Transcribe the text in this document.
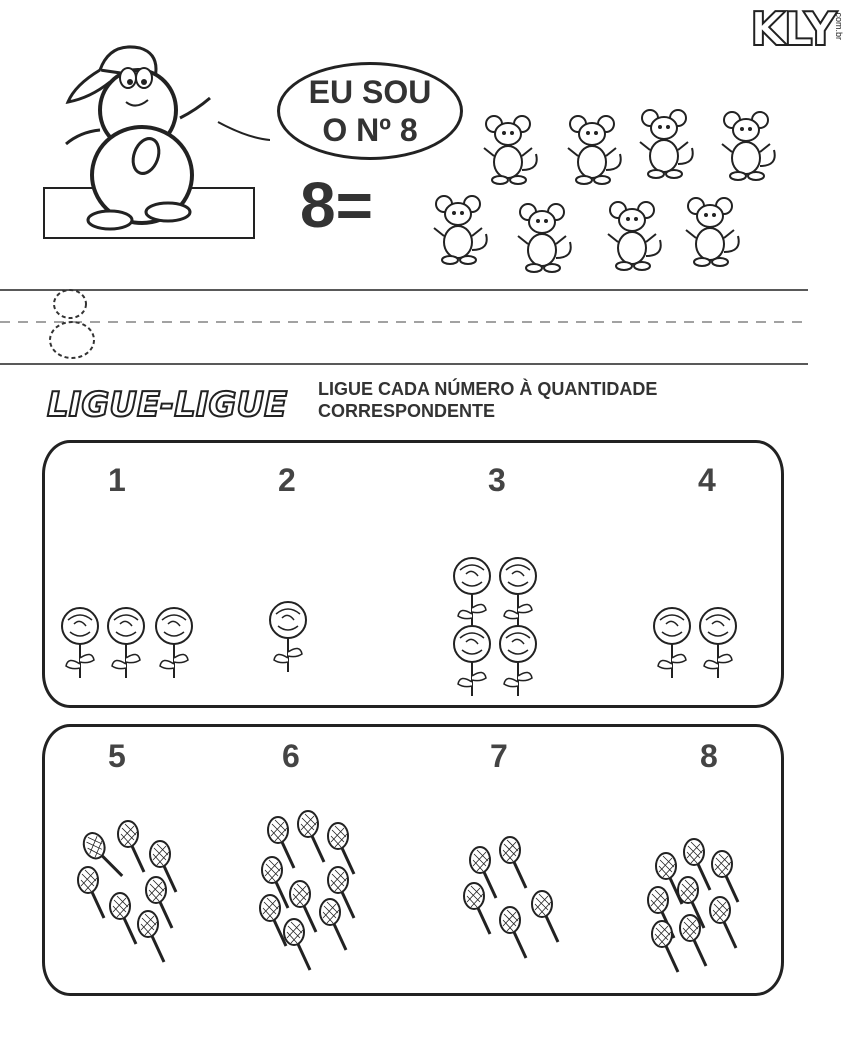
KLY
.com.br
EU SOU
O Nº 8
8=
LIGUE-LIGUE LIGUE CADA NÚMERO À QUANTIDADE
CORRESPONDENTE
1	2	3	4
5	6	7	8
